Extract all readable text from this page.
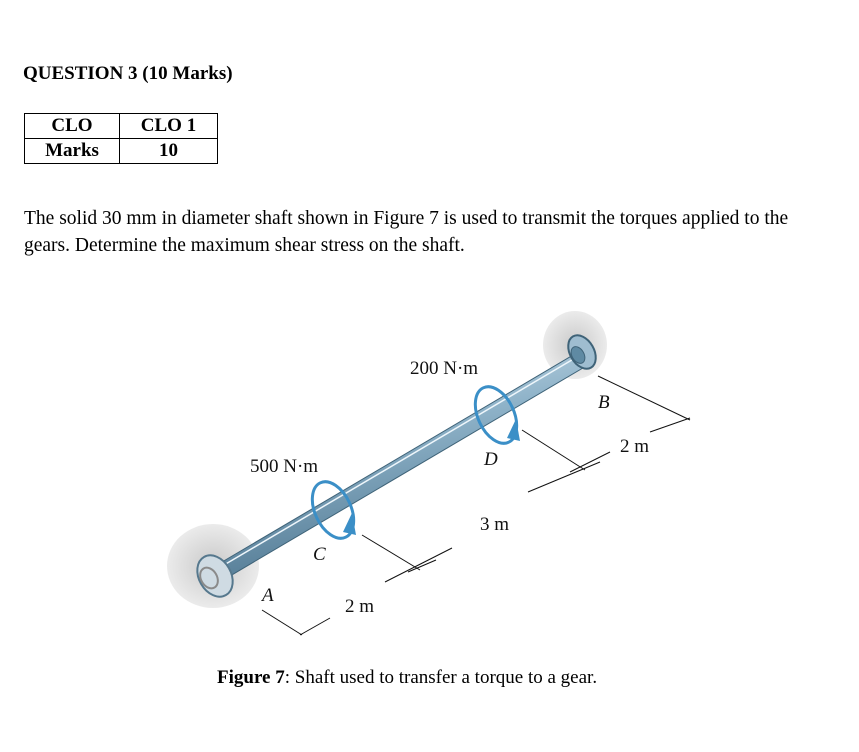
QUESTION 3 (10 Marks)
CLO	CLO 1
Marks	10
The solid 30 mm in diameter shaft shown in Figure 7 is used to transmit the torques applied to the gears. Determine the maximum shear stress on the shaft.
500 N·m
200 N·m
A
B
C
D
2 m
3 m
2 m
Figure 7: Shaft used to transfer a torque to a gear.
